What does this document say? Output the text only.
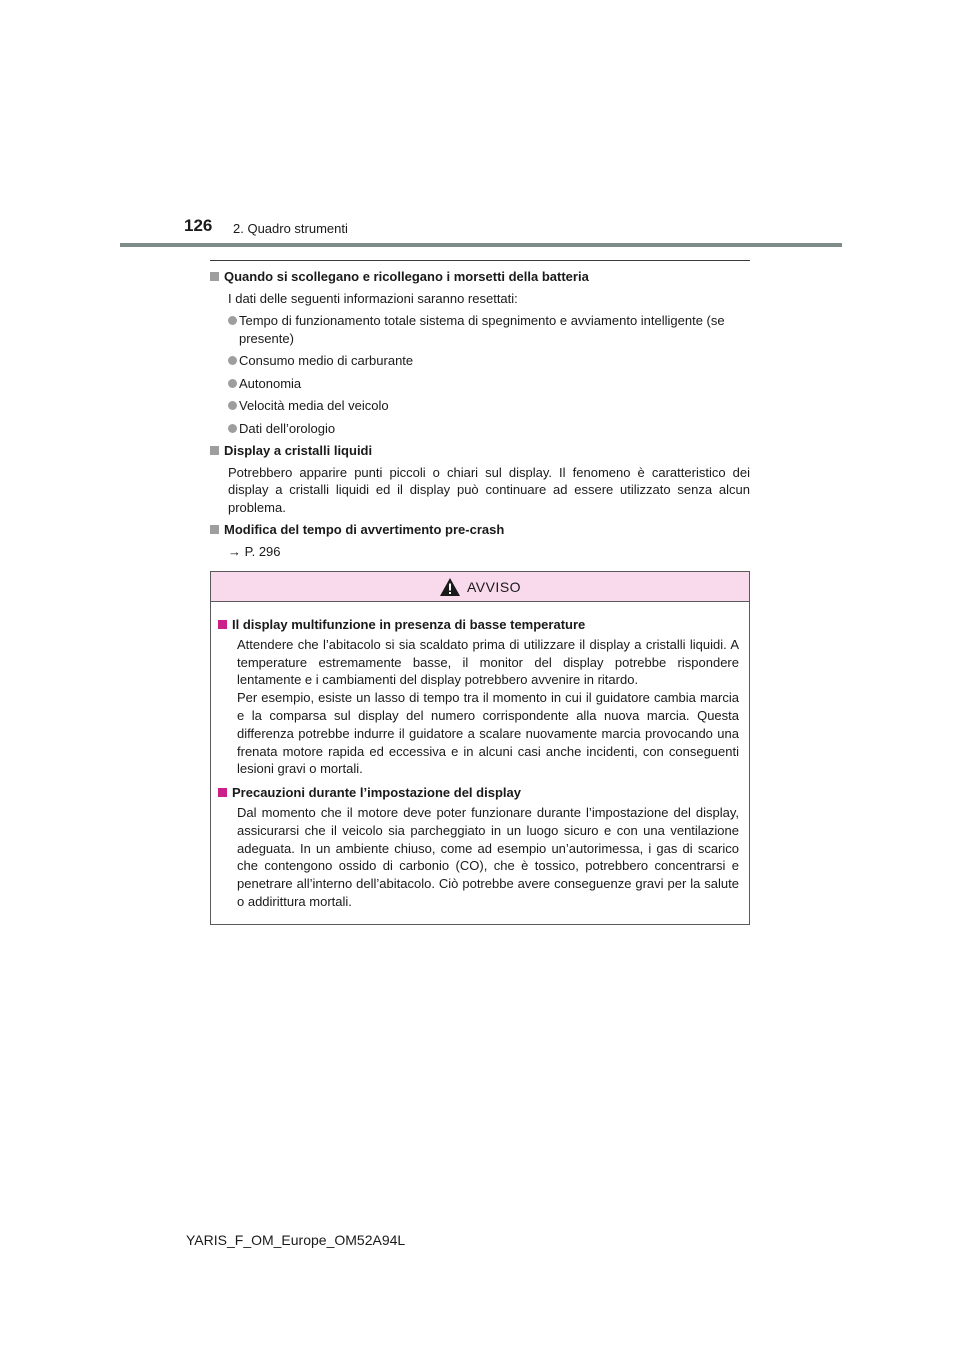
126 2. Quadro strumenti
Quando si scollegano e ricollegano i morsetti della batteria
I dati delle seguenti informazioni saranno resettati:
Tempo di funzionamento totale sistema di spegnimento e avviamento intelligente (se presente)
Consumo medio di carburante
Autonomia
Velocità media del veicolo
Dati dell’orologio
Display a cristalli liquidi
Potrebbero apparire punti piccoli o chiari sul display. Il fenomeno è caratteristico dei display a cristalli liquidi ed il display può continuare ad essere utilizzato senza alcun problema.
Modifica del tempo di avvertimento pre-crash
→ P. 296
AVVISO
Il display multifunzione in presenza di basse temperature
Attendere che l’abitacolo si sia scaldato prima di utilizzare il display a cristalli liquidi. A temperature estremamente basse, il monitor del display potrebbe rispondere lentamente e i cambiamenti del display potrebbero avvenire in ritardo.
Per esempio, esiste un lasso di tempo tra il momento in cui il guidatore cambia marcia e la comparsa sul display del numero corrispondente alla nuova marcia. Questa differenza potrebbe indurre il guidatore a scalare nuovamente marcia provocando una frenata motore rapida ed eccessiva e in alcuni casi anche incidenti, con conseguenti lesioni gravi o mortali.
Precauzioni durante l’impostazione del display
Dal momento che il motore deve poter funzionare durante l’impostazione del display, assicurarsi che il veicolo sia parcheggiato in un luogo sicuro e con una ventilazione adeguata. In un ambiente chiuso, come ad esempio un’autorimessa, i gas di scarico che contengono ossido di carbonio (CO), che è tossico, potrebbero concentrarsi e penetrare all’interno dell’abitacolo. Ciò potrebbe avere conseguenze gravi per la salute o addirittura mortali.
YARIS_F_OM_Europe_OM52A94L
